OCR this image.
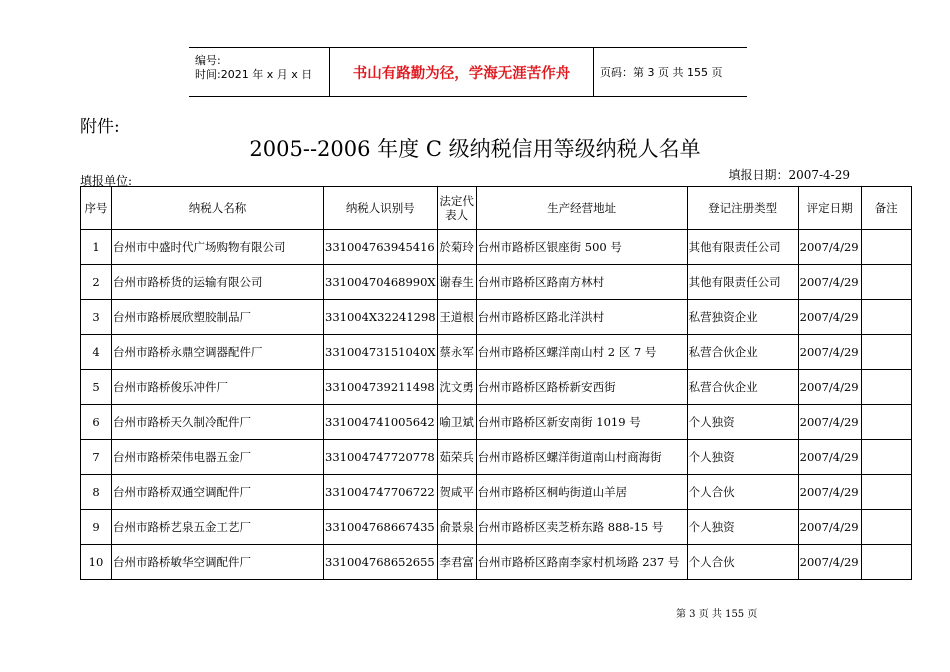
编号:
时间:2021 年 x 月 x 日	书山有路勤为径，学海无涯苦作舟	页码：第 3 页 共 155 页
附件:
2005--2006 年度 C 级纳税信用等级纳税人名单
填报单位:	填报日期：2007-4-29
序号	纳税人名称	纳税人识别号	法定代表人	生产经营地址	登记注册类型	评定日期	备注
1	台州市中盛时代广场购物有限公司	331004763945416	於菊玲	台州市路桥区银座街 500 号	其他有限责任公司	2007/4/29	
2	台州市路桥货的运输有限公司	33100470468990X	谢春生	台州市路桥区路南方林村	其他有限责任公司	2007/4/29	
3	台州市路桥展欣塑胶制品厂	331004X32241298	王道根	台州市路桥区路北洋洪村	私营独资企业	2007/4/29	
4	台州市路桥永鼎空调器配件厂	33100473151040X	蔡永军	台州市路桥区螺洋南山村 2 区 7 号	私营合伙企业	2007/4/29	
5	台州市路桥俊乐冲件厂	331004739211498	沈文勇	台州市路桥区路桥新安西街	私营合伙企业	2007/4/29	
6	台州市路桥天久制冷配件厂	331004741005642	喻卫斌	台州市路桥区新安南街 1019 号	个人独资	2007/4/29	
7	台州市路桥荣伟电器五金厂	331004747720778	茹荣兵	台州市路桥区螺洋街道南山村商海街	个人独资	2007/4/29	
8	台州市路桥双通空调配件厂	331004747706722	贺咸平	台州市路桥区桐屿街道山羊居	个人合伙	2007/4/29	
9	台州市路桥艺泉五金工艺厂	331004768667435	俞景泉	台州市路桥区卖芝桥东路 888-15 号	个人独资	2007/4/29	
10	台州市路桥敏华空调配件厂	331004768652655	李君富	台州市路桥区路南李家村机场路 237 号	个人合伙	2007/4/29	
第 3 页 共 155 页
